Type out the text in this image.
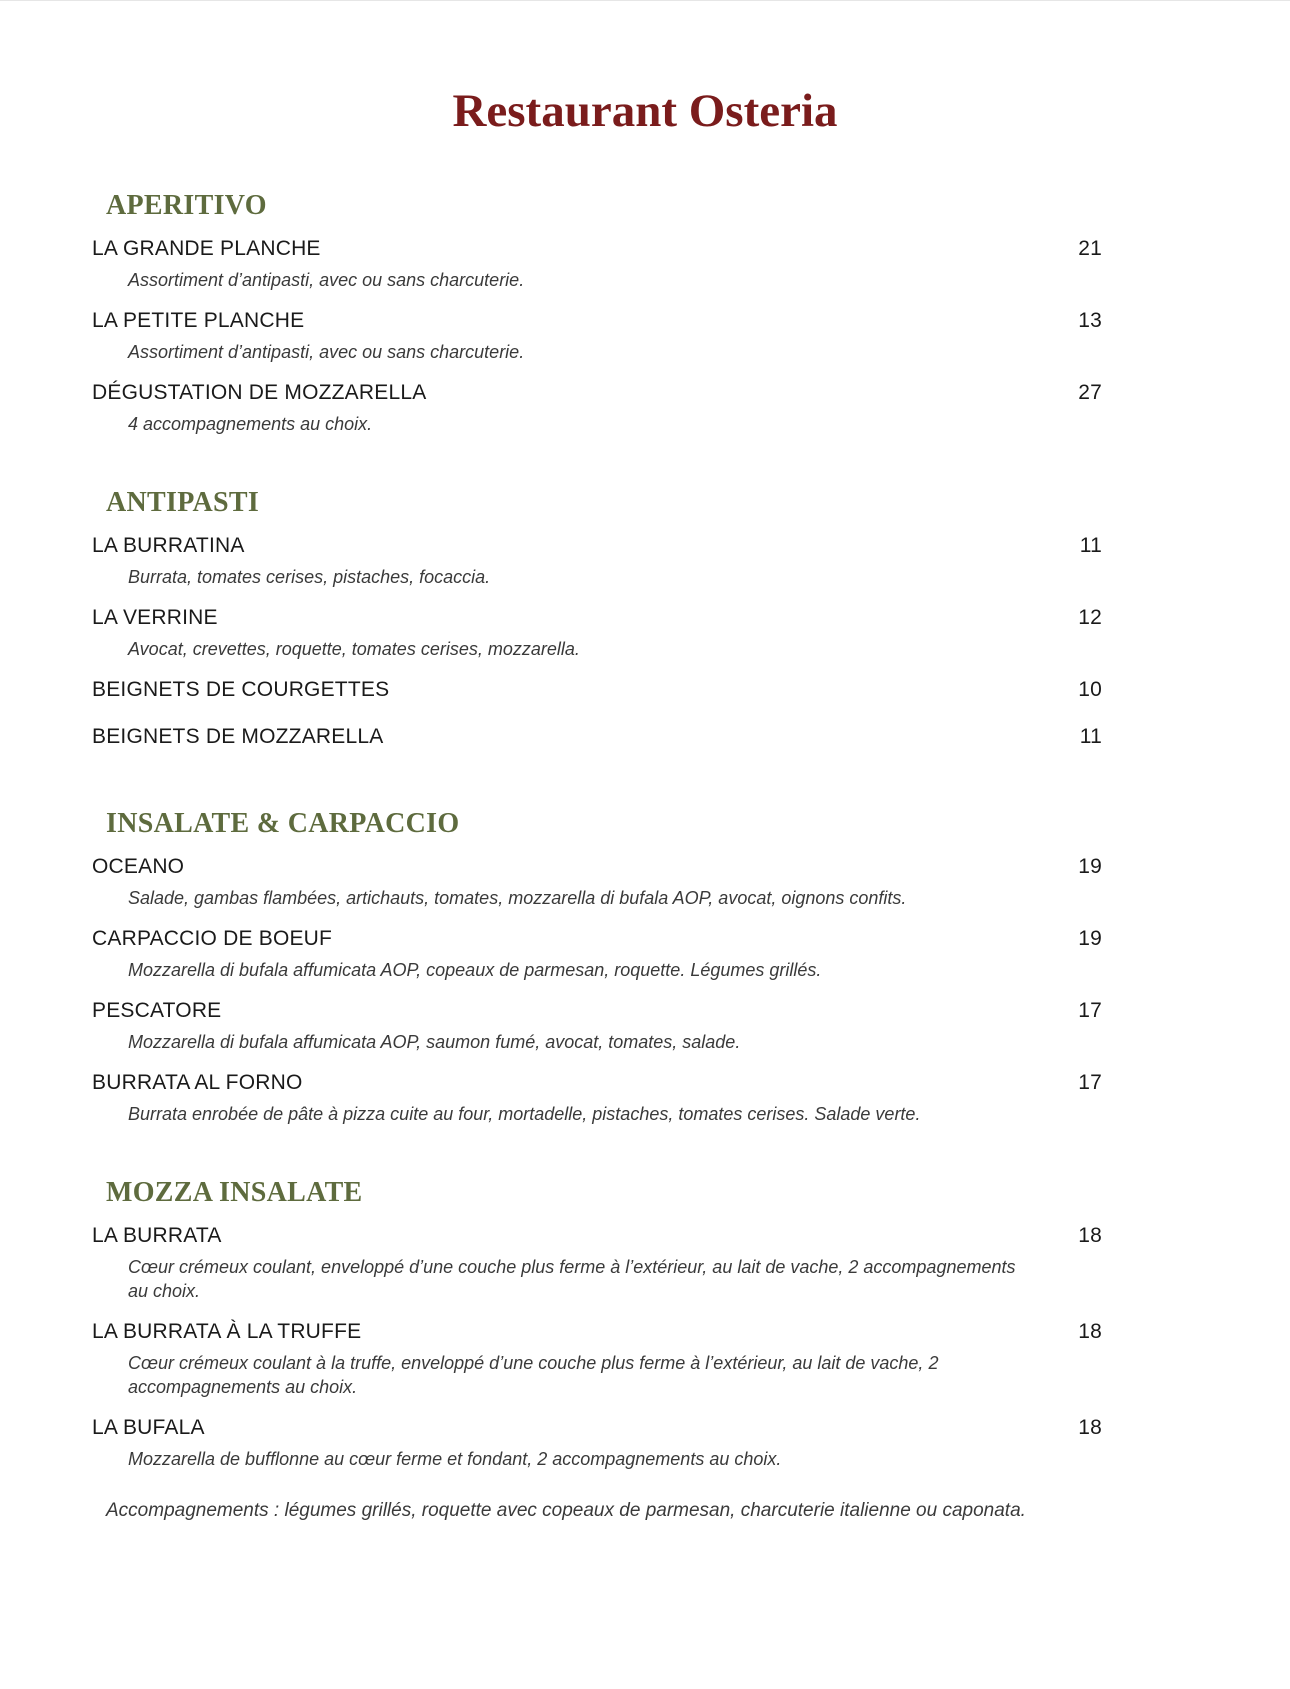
Restaurant Osteria
APERITIVO
LA GRANDE PLANCHE	21
Assortiment d’antipasti, avec ou sans charcuterie.
LA PETITE PLANCHE	13
Assortiment d’antipasti, avec ou sans charcuterie.
DÉGUSTATION DE MOZZARELLA	27
4 accompagnements au choix.
ANTIPASTI
LA BURRATINA	11
Burrata, tomates cerises, pistaches, focaccia.
LA VERRINE	12
Avocat, crevettes, roquette, tomates cerises, mozzarella.
BEIGNETS DE COURGETTES	10
BEIGNETS DE MOZZARELLA	11
INSALATE & CARPACCIO
OCEANO	19
Salade, gambas flambées, artichauts, tomates, mozzarella di bufala AOP, avocat, oignons confits.
CARPACCIO DE BOEUF	19
Mozzarella di bufala affumicata AOP, copeaux de parmesan, roquette. Légumes grillés.
PESCATORE	17
Mozzarella di bufala affumicata AOP, saumon fumé, avocat, tomates, salade.
BURRATA AL FORNO	17
Burrata enrobée de pâte à pizza cuite au four, mortadelle, pistaches, tomates cerises. Salade verte.
MOZZA INSALATE
LA BURRATA	18
Cœur crémeux coulant, enveloppé d’une couche plus ferme à l’extérieur, au lait de vache, 2 accompagnements au choix.
LA BURRATA À LA TRUFFE	18
Cœur crémeux coulant à la truffe, enveloppé d’une couche plus ferme à l’extérieur, au lait de vache, 2 accompagnements au choix.
LA BUFALA	18
Mozzarella de bufflonne au cœur ferme et fondant, 2 accompagnements au choix.
Accompagnements : légumes grillés, roquette avec copeaux de parmesan, charcuterie italienne ou caponata.
